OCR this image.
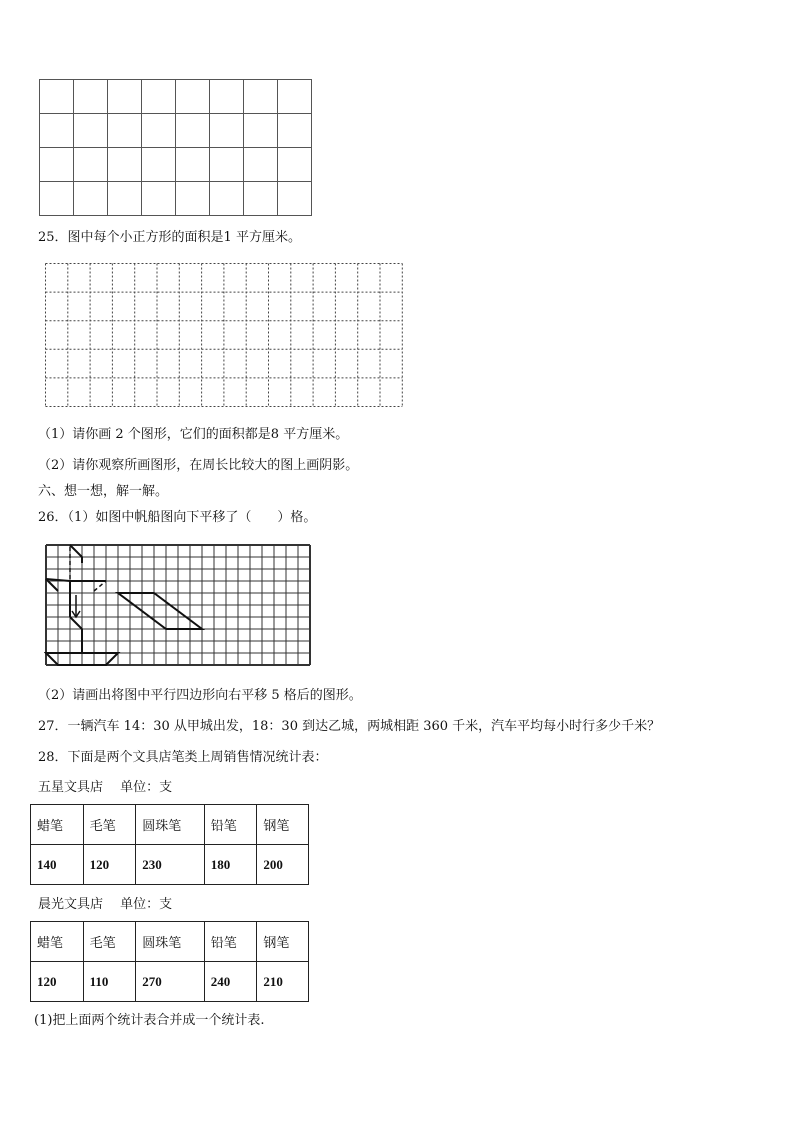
25．图中每个小正方形的面积是1 平方厘米。
（1）请你画 2 个图形，它们的面积都是8 平方厘米。
（2）请你观察所画图形，在周长比较大的图上画阴影。
六、想一想，解一解。
26．（1）如图中帆船图向下平移了（　　）格。
（2）请画出将图中平行四边形向右平移 5 格后的图形。
27．一辆汽车 14：30 从甲城出发，18：30 到达乙城，两城相距 360 千米，汽车平均每小时行多少千米？
28．下面是两个文具店笔类上周销售情况统计表：
五星文具店　 单位：支
蜡笔	毛笔	圆珠笔	铅笔	钢笔
140	120	230	180	200
晨光文具店　 单位：支
蜡笔	毛笔	圆珠笔	铅笔	钢笔
120	110	270	240	210
(1)把上面两个统计表合并成一个统计表.
